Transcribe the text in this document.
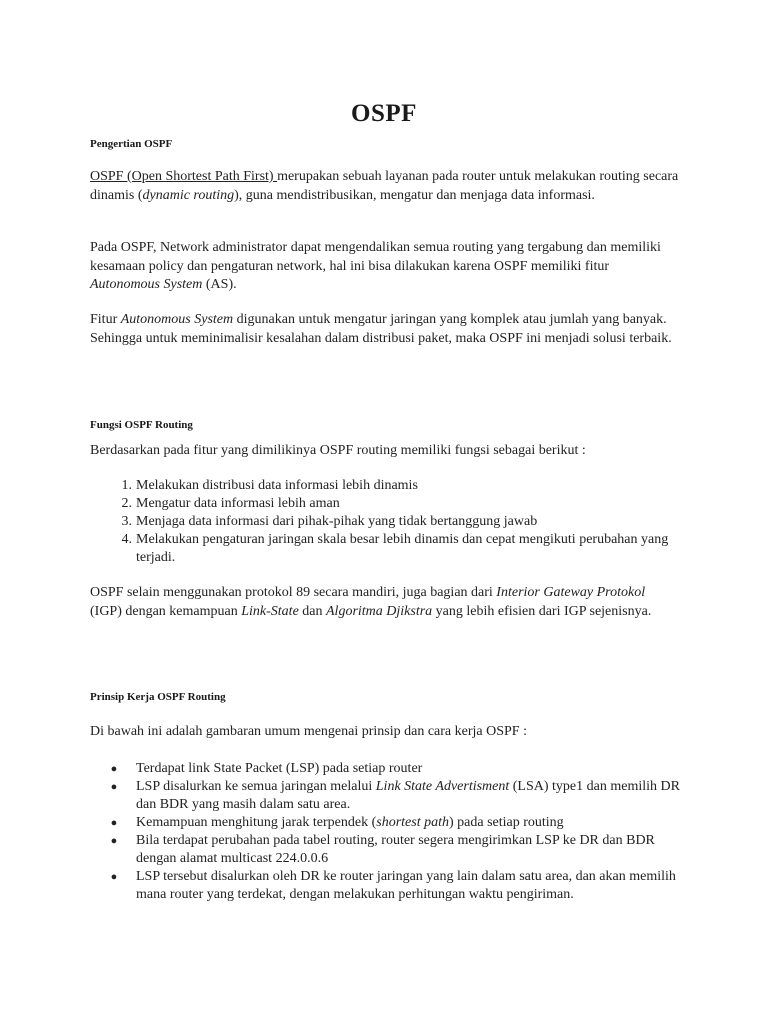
OSPF
Pengertian OSPF
OSPF (Open Shortest Path First) merupakan sebuah layanan pada router untuk melakukan routing secara dinamis (dynamic routing), guna mendistribusikan, mengatur dan menjaga data informasi.
Pada OSPF, Network administrator dapat mengendalikan semua routing yang tergabung dan memiliki kesamaan policy dan pengaturan network, hal ini bisa dilakukan karena OSPF memiliki fitur Autonomous System (AS).
Fitur Autonomous System digunakan untuk mengatur jaringan yang komplek atau jumlah yang banyak. Sehingga untuk meminimalisir kesalahan dalam distribusi paket, maka OSPF ini menjadi solusi terbaik.
Fungsi OSPF Routing
Berdasarkan pada fitur yang dimilikinya OSPF routing memiliki fungsi sebagai berikut :
1. Melakukan distribusi data informasi lebih dinamis
2. Mengatur data informasi lebih aman
3. Menjaga data informasi dari pihak-pihak yang tidak bertanggung jawab
4. Melakukan pengaturan jaringan skala besar lebih dinamis dan cepat mengikuti perubahan yang terjadi.
OSPF selain menggunakan protokol 89 secara mandiri, juga bagian dari Interior Gateway Protokol (IGP) dengan kemampuan Link-State dan Algoritma Djikstra yang lebih efisien dari IGP sejenisnya.
Prinsip Kerja OSPF Routing
Di bawah ini adalah gambaran umum mengenai prinsip dan cara kerja OSPF :
● Terdapat link State Packet (LSP) pada setiap router
● LSP disalurkan ke semua jaringan melalui Link State Advertisment (LSA) type1 dan memilih DR dan BDR yang masih dalam satu area.
● Kemampuan menghitung jarak terpendek (shortest path) pada setiap routing
● Bila terdapat perubahan pada tabel routing, router segera mengirimkan LSP ke DR dan BDR dengan alamat multicast 224.0.0.6
● LSP tersebut disalurkan oleh DR ke router jaringan yang lain dalam satu area, dan akan memilih mana router yang terdekat, dengan melakukan perhitungan waktu pengiriman.
